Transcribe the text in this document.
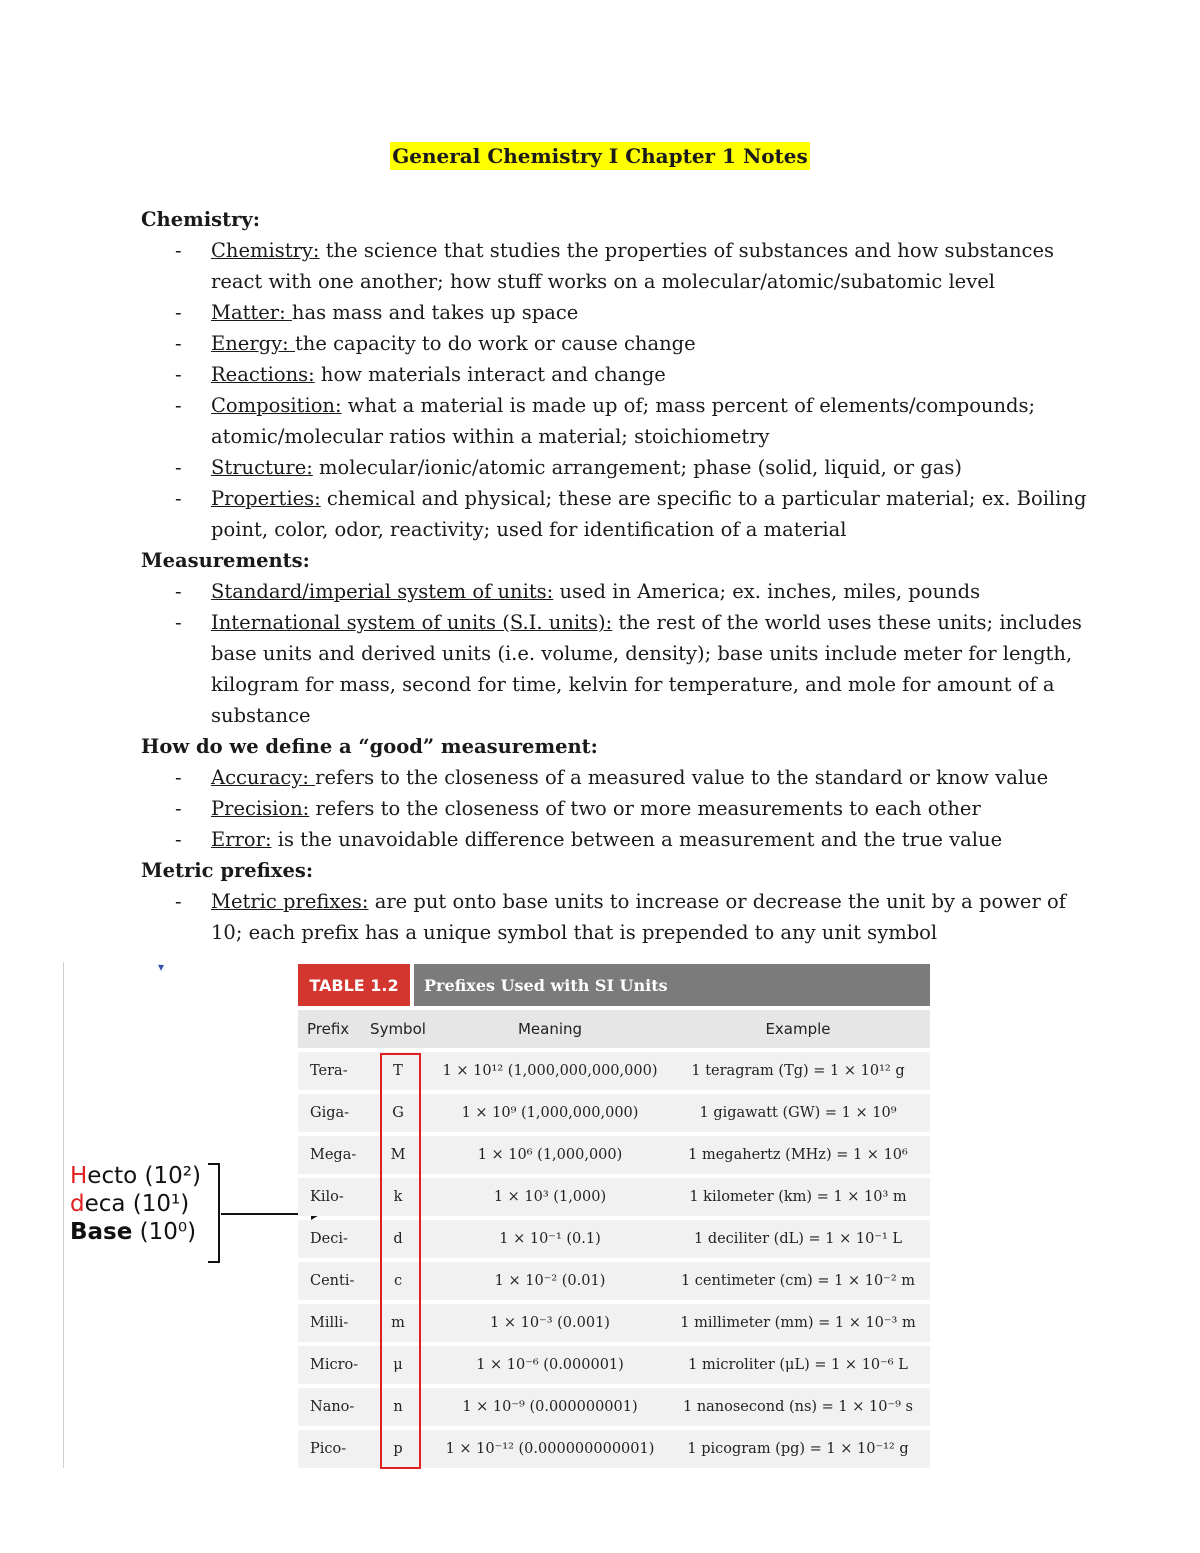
General Chemistry I Chapter 1 Notes
Chemistry:
- Chemistry: the science that studies the properties of substances and how substances react with one another; how stuff works on a molecular/atomic/subatomic level
- Matter: has mass and takes up space
- Energy: the capacity to do work or cause change
- Reactions: how materials interact and change
- Composition: what a material is made up of; mass percent of elements/compounds; atomic/molecular ratios within a material; stoichiometry
- Structure: molecular/ionic/atomic arrangement; phase (solid, liquid, or gas)
- Properties: chemical and physical; these are specific to a particular material; ex. Boiling point, color, odor, reactivity; used for identification of a material
Measurements:
- Standard/imperial system of units: used in America; ex. inches, miles, pounds
- International system of units (S.I. units): the rest of the world uses these units; includes base units and derived units (i.e. volume, density); base units include meter for length, kilogram for mass, second for time, kelvin for temperature, and mole for amount of a substance
How do we define a “good” measurement:
- Accuracy: refers to the closeness of a measured value to the standard or know value
- Precision: refers to the closeness of two or more measurements to each other
- Error: is the unavoidable difference between a measurement and the true value
Metric prefixes:
- Metric prefixes: are put onto base units to increase or decrease the unit by a power of 10; each prefix has a unique symbol that is prepended to any unit symbol
▾
Hecto (10²)
deca (10¹)
Base (10⁰)
TABLE 1.2	Prefixes Used with SI Units
Prefix	Symbol	Meaning	Example
Tera-	T	1 × 10¹² (1,000,000,000,000)	1 teragram (Tg) = 1 × 10¹² g
Giga-	G	1 × 10⁹ (1,000,000,000)	1 gigawatt (GW) = 1 × 10⁹
Mega-	M	1 × 10⁶ (1,000,000)	1 megahertz (MHz) = 1 × 10⁶
Kilo-	k	1 × 10³ (1,000)	1 kilometer (km) = 1 × 10³ m
Deci-	d	1 × 10⁻¹ (0.1)	1 deciliter (dL) = 1 × 10⁻¹ L
Centi-	c	1 × 10⁻² (0.01)	1 centimeter (cm) = 1 × 10⁻² m
Milli-	m	1 × 10⁻³ (0.001)	1 millimeter (mm) = 1 × 10⁻³ m
Micro-	μ	1 × 10⁻⁶ (0.000001)	1 microliter (μL) = 1 × 10⁻⁶ L
Nano-	n	1 × 10⁻⁹ (0.000000001)	1 nanosecond (ns) = 1 × 10⁻⁹ s
Pico-	p	1 × 10⁻¹² (0.000000000001)	1 picogram (pg) = 1 × 10⁻¹² g
